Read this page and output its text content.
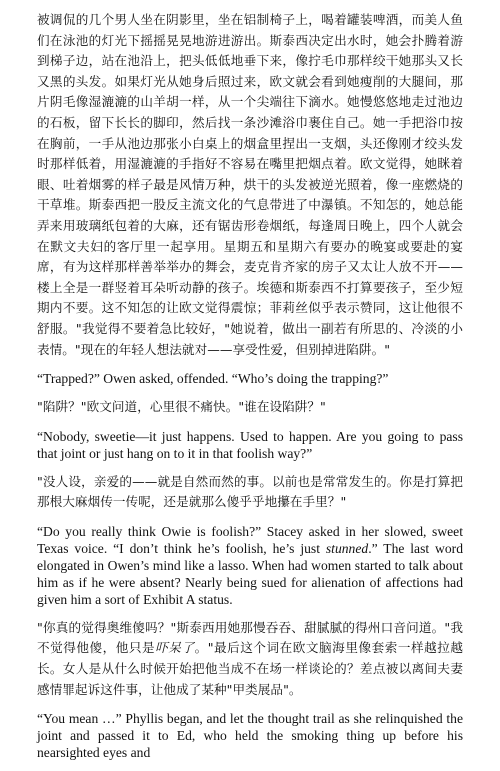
被调侃的几个男人坐在阴影里，坐在铝制椅子上，喝着罐装啤酒，而美人鱼们在泳池的灯光下摇摇晃晃地游进游出。斯泰西决定出水时，她会扑腾着游到梯子边，站在池沿上，把头低低地垂下来，像拧毛巾那样绞干她那头又长又黑的头发。如果灯光从她身后照过来，欧文就会看到她瘦削的大腿间，那片阴毛像湿漉漉的山羊胡一样，从一个尖端往下滴水。她慢悠悠地走过池边的石板，留下长长的脚印，然后找一条沙滩浴巾裹住自己。她一手把浴巾按在胸前，一手从池边那张小白桌上的烟盒里捏出一支烟，头还像刚才绞头发时那样低着，用湿漉漉的手指好不容易在嘴里把烟点着。欧文觉得，她眯着眼、吐着烟雾的样子最是风情万种，烘干的头发被逆光照着，像一座燃烧的干草堆。斯泰西把一股反主流文化的气息带进了中瀑镇。不知怎的，她总能弄来用玻璃纸包着的大麻，还有锯齿形卷烟纸，每逢周日晚上，四个人就会在默文夫妇的客厅里一起享用。星期五和星期六有要办的晚宴或要赴的宴席，有为这样那样善举举办的舞会，麦克肯齐家的房子又太让人放不开——楼上全是一群竖着耳朵听动静的孩子。埃德和斯泰西不打算要孩子，至少短期内不要。这不知怎的让欧文觉得震惊；菲莉丝似乎表示赞同，这让他很不舒服。"我觉得不要着急比较好，"她说着，做出一副若有所思的、冷淡的小表情。"现在的年轻人想法就对——享受性爱，但别掉进陷阱。"

“Trapped?” Owen asked, offended. “Who’s doing the trapping?”

"陷阱？"欧文问道，心里很不痛快。"谁在设陷阱？"

“Nobody, sweetie—it just happens. Used to happen. Are you going to pass that joint or just hang on to it in that foolish way?”

"没人设，亲爱的——就是自然而然的事。以前也是常常发生的。你是打算把那根大麻烟传一传呢，还是就那么傻乎乎地攥在手里？"

“Do you really think Owie is foolish?” Stacey asked in her slowed, sweet Texas voice. “I don’t think he’s foolish, he’s just stunned.” The last word elongated in Owen’s mind like a lasso. When had women started to talk about him as if he were absent? Nearly being sued for alienation of affections had given him a sort of Exhibit A status.

"你真的觉得奥维傻吗？"斯泰西用她那慢吞吞、甜腻腻的得州口音问道。"我不觉得他傻，他只是吓呆了。"最后这个词在欧文脑海里像套索一样越拉越长。女人是从什么时候开始把他当成不在场一样谈论的？差点被以离间夫妻感情罪起诉这件事，让他成了某种"甲类展品"。

“You mean …” Phyllis began, and let the thought trail as she relinquished the joint and passed it to Ed, who held the smoking thing up before his nearsighted eyes and
